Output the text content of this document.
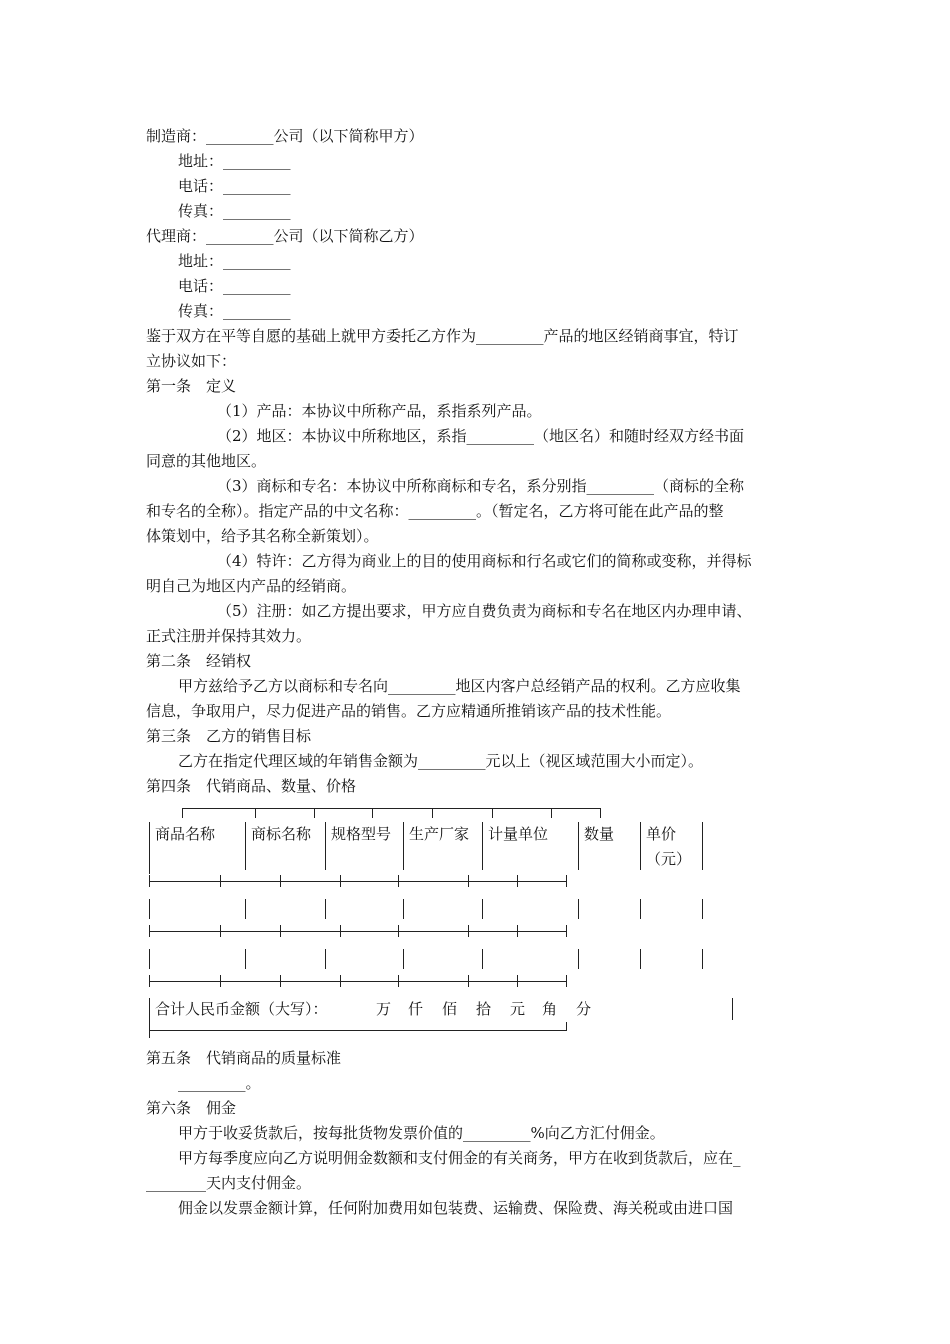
制造商：_________公司（以下简称甲方）
地址：_________
电话：_________
传真：_________
代理商：_________公司（以下简称乙方）
地址：_________
电话：_________
传真：_________
鉴于双方在平等自愿的基础上就甲方委托乙方作为_________产品的地区经销商事宜，特订
立协议如下：
第一条　定义
（1）产品：本协议中所称产品，系指系列产品。
（2）地区：本协议中所称地区，系指_________（地区名）和随时经双方经书面
同意的其他地区。
（3）商标和专名：本协议中所称商标和专名，系分别指_________（商标的全称
和专名的全称）。指定产品的中文名称：_________。（暂定名，乙方将可能在此产品的整
体策划中，给予其名称全新策划）。
（4）特许：乙方得为商业上的目的使用商标和行名或它们的简称或变称，并得标
明自己为地区内产品的经销商。
（5）注册：如乙方提出要求，甲方应自费负责为商标和专名在地区内办理申请、
正式注册并保持其效力。
第二条　经销权
甲方兹给予乙方以商标和专名向_________地区内客户总经销产品的权利。乙方应收集
信息，争取用户，尽力促进产品的销售。乙方应精通所推销该产品的技术性能。
第三条　乙方的销售目标
乙方在指定代理区域的年销售金额为_________元以上（视区域范围大小而定）。
第四条　代销商品、数量、价格
商品名称 商标名称 规格型号 生产厂家 计量单位 数量 单价
（元）
合计人民币金额（大写）：	万 仟 佰 拾 元 角 分
第五条　代销商品的质量标准
_________。
第六条　佣金
甲方于收妥货款后，按每批货物发票价值的_________%向乙方汇付佣金。
甲方每季度应向乙方说明佣金数额和支付佣金的有关商务，甲方在收到货款后，应在_
________天内支付佣金。
佣金以发票金额计算，任何附加费用如包装费、运输费、保险费、海关税或由进口国
